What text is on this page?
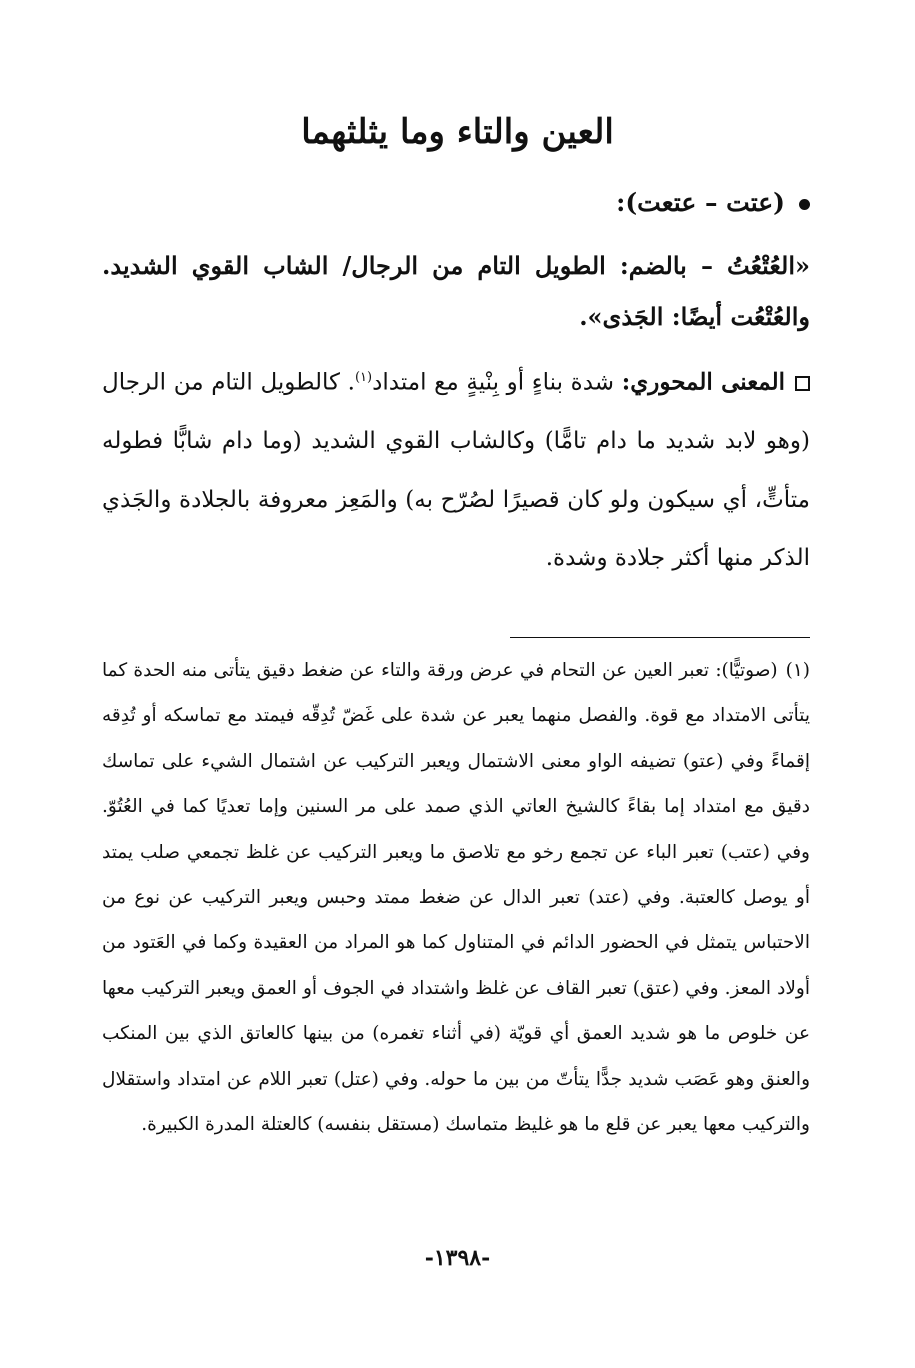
العين والتاء وما يثلثهما
(عتت – عتعت):
«العُتْعُتُ – بالضم: الطويل التام من الرجال/ الشاب القوي الشديد. والعُتْعُت أيضًا: الجَذى».
المعنى المحوري: شدة بناءٍ أو بِنْيةٍ مع امتداد$^{(١)}$. كالطويل التام من الرجال (وهو لابد شديد ما دام تامًّا) وكالشاب القوي الشديد (وما دام شابًّا فطوله متأتٍّ، أي سيكون ولو كان قصيرًا لصُرّح به) والمَعِز معروفة بالجلادة والجَذي الذكر منها أكثر جلادة وشدة.
(١)(صوتيًّا): تعبر العين عن التحام في عرض ورقة والتاء عن ضغط دقيق يتأتى منه الحدة كما يتأتى الامتداد مع قوة. والفصل منهما يعبر عن شدة على غَضّ تُدِقّه فيمتد مع تماسكه أو تُدِقه إقماءً وفي (عتو) تضيفه الواو معنى الاشتمال ويعبر التركيب عن اشتمال الشيء على تماسك دقيق مع امتداد إما بقاءً كالشيخ العاتي الذي صمد على مر السنين وإما تعديًا كما في العُتُوّ. وفي (عتب) تعبر الباء عن تجمع رخو مع تلاصق ما ويعبر التركيب عن غلظ تجمعي صلب يمتد أو يوصل كالعتبة. وفي (عتد) تعبر الدال عن ضغط ممتد وحبس ويعبر التركيب عن نوع من الاحتباس يتمثل في الحضور الدائم في المتناول كما هو المراد من العقيدة وكما في العَتود من أولاد المعز. وفي (عتق) تعبر القاف عن غلظ واشتداد في الجوف أو العمق ويعبر التركيب معها عن خلوص ما هو شديد العمق أي قويّة (في أثناء تغمره) من بينها كالعاتق الذي بين المنكب والعنق وهو عَصَب شديد جدًّا يتأتّ من بين ما حوله. وفي (عتل) تعبر اللام عن امتداد واستقلال والتركيب معها يعبر عن قلع ما هو غليظ متماسك (مستقل بنفسه) كالعتلة المدرة الكبيرة.
-١٣٩٨-
